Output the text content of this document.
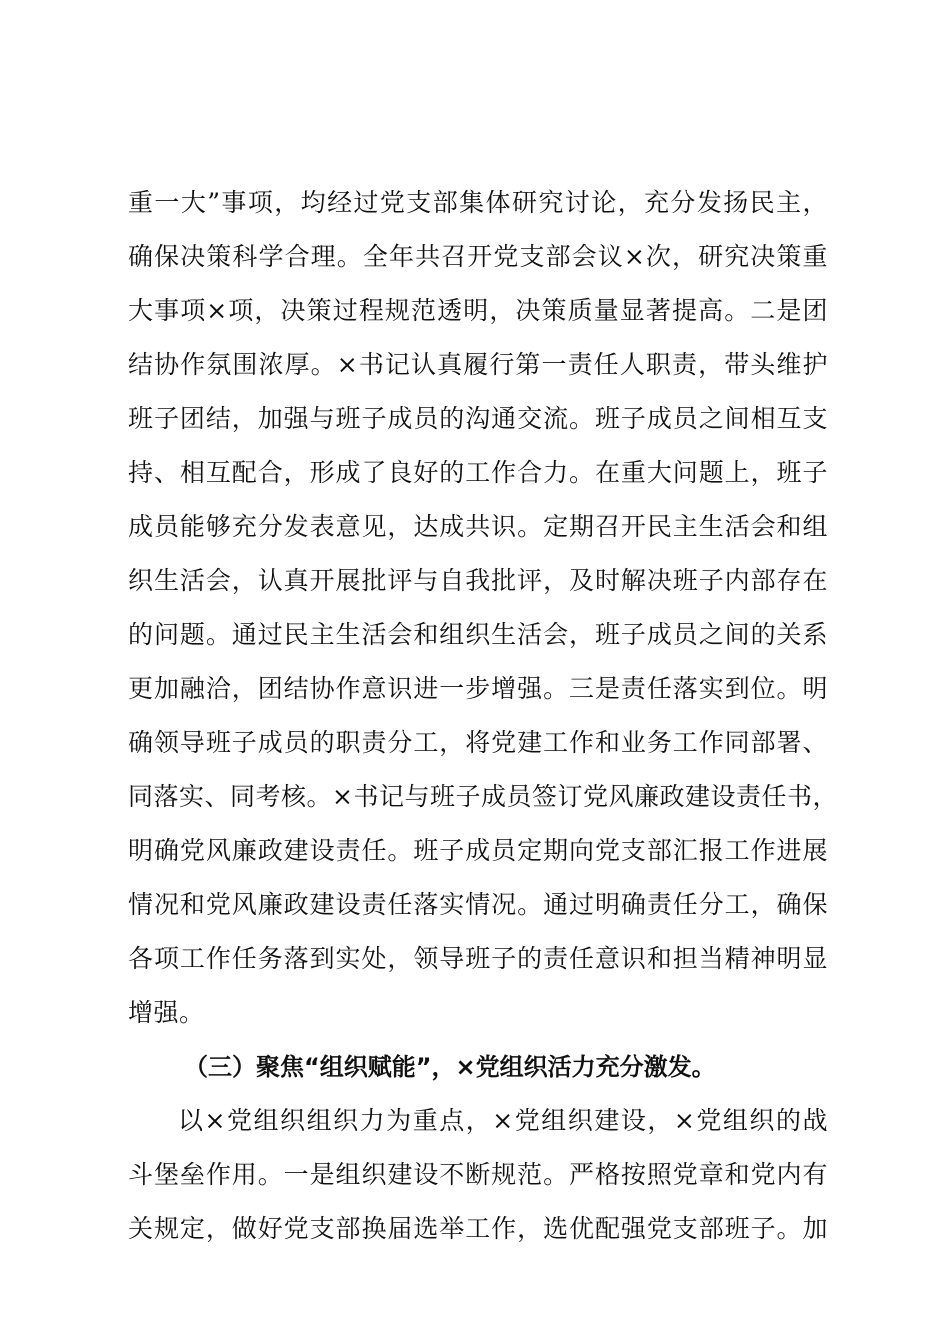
重一大”事项，均经过党支部集体研究讨论，充分发扬民主，
确保决策科学合理。全年共召开党支部会议×次，研究决策重
大事项×项，决策过程规范透明，决策质量显著提高。二是团
结协作氛围浓厚。×书记认真履行第一责任人职责，带头维护
班子团结，加强与班子成员的沟通交流。班子成员之间相互支
持、相互配合，形成了良好的工作合力。在重大问题上，班子
成员能够充分发表意见，达成共识。定期召开民主生活会和组
织生活会，认真开展批评与自我批评，及时解决班子内部存在
的问题。通过民主生活会和组织生活会，班子成员之间的关系
更加融洽，团结协作意识进一步增强。三是责任落实到位。明
确领导班子成员的职责分工，将党建工作和业务工作同部署、
同落实、同考核。×书记与班子成员签订党风廉政建设责任书，
明确党风廉政建设责任。班子成员定期向党支部汇报工作进展
情况和党风廉政建设责任落实情况。通过明确责任分工，确保
各项工作任务落到实处，领导班子的责任意识和担当精神明显
增强。
（三）聚焦“组织赋能”，×党组织活力充分激发。
以×党组织组织力为重点，×党组织建设，×党组织的战
斗堡垒作用。一是组织建设不断规范。严格按照党章和党内有
关规定，做好党支部换届选举工作，选优配强党支部班子。加
